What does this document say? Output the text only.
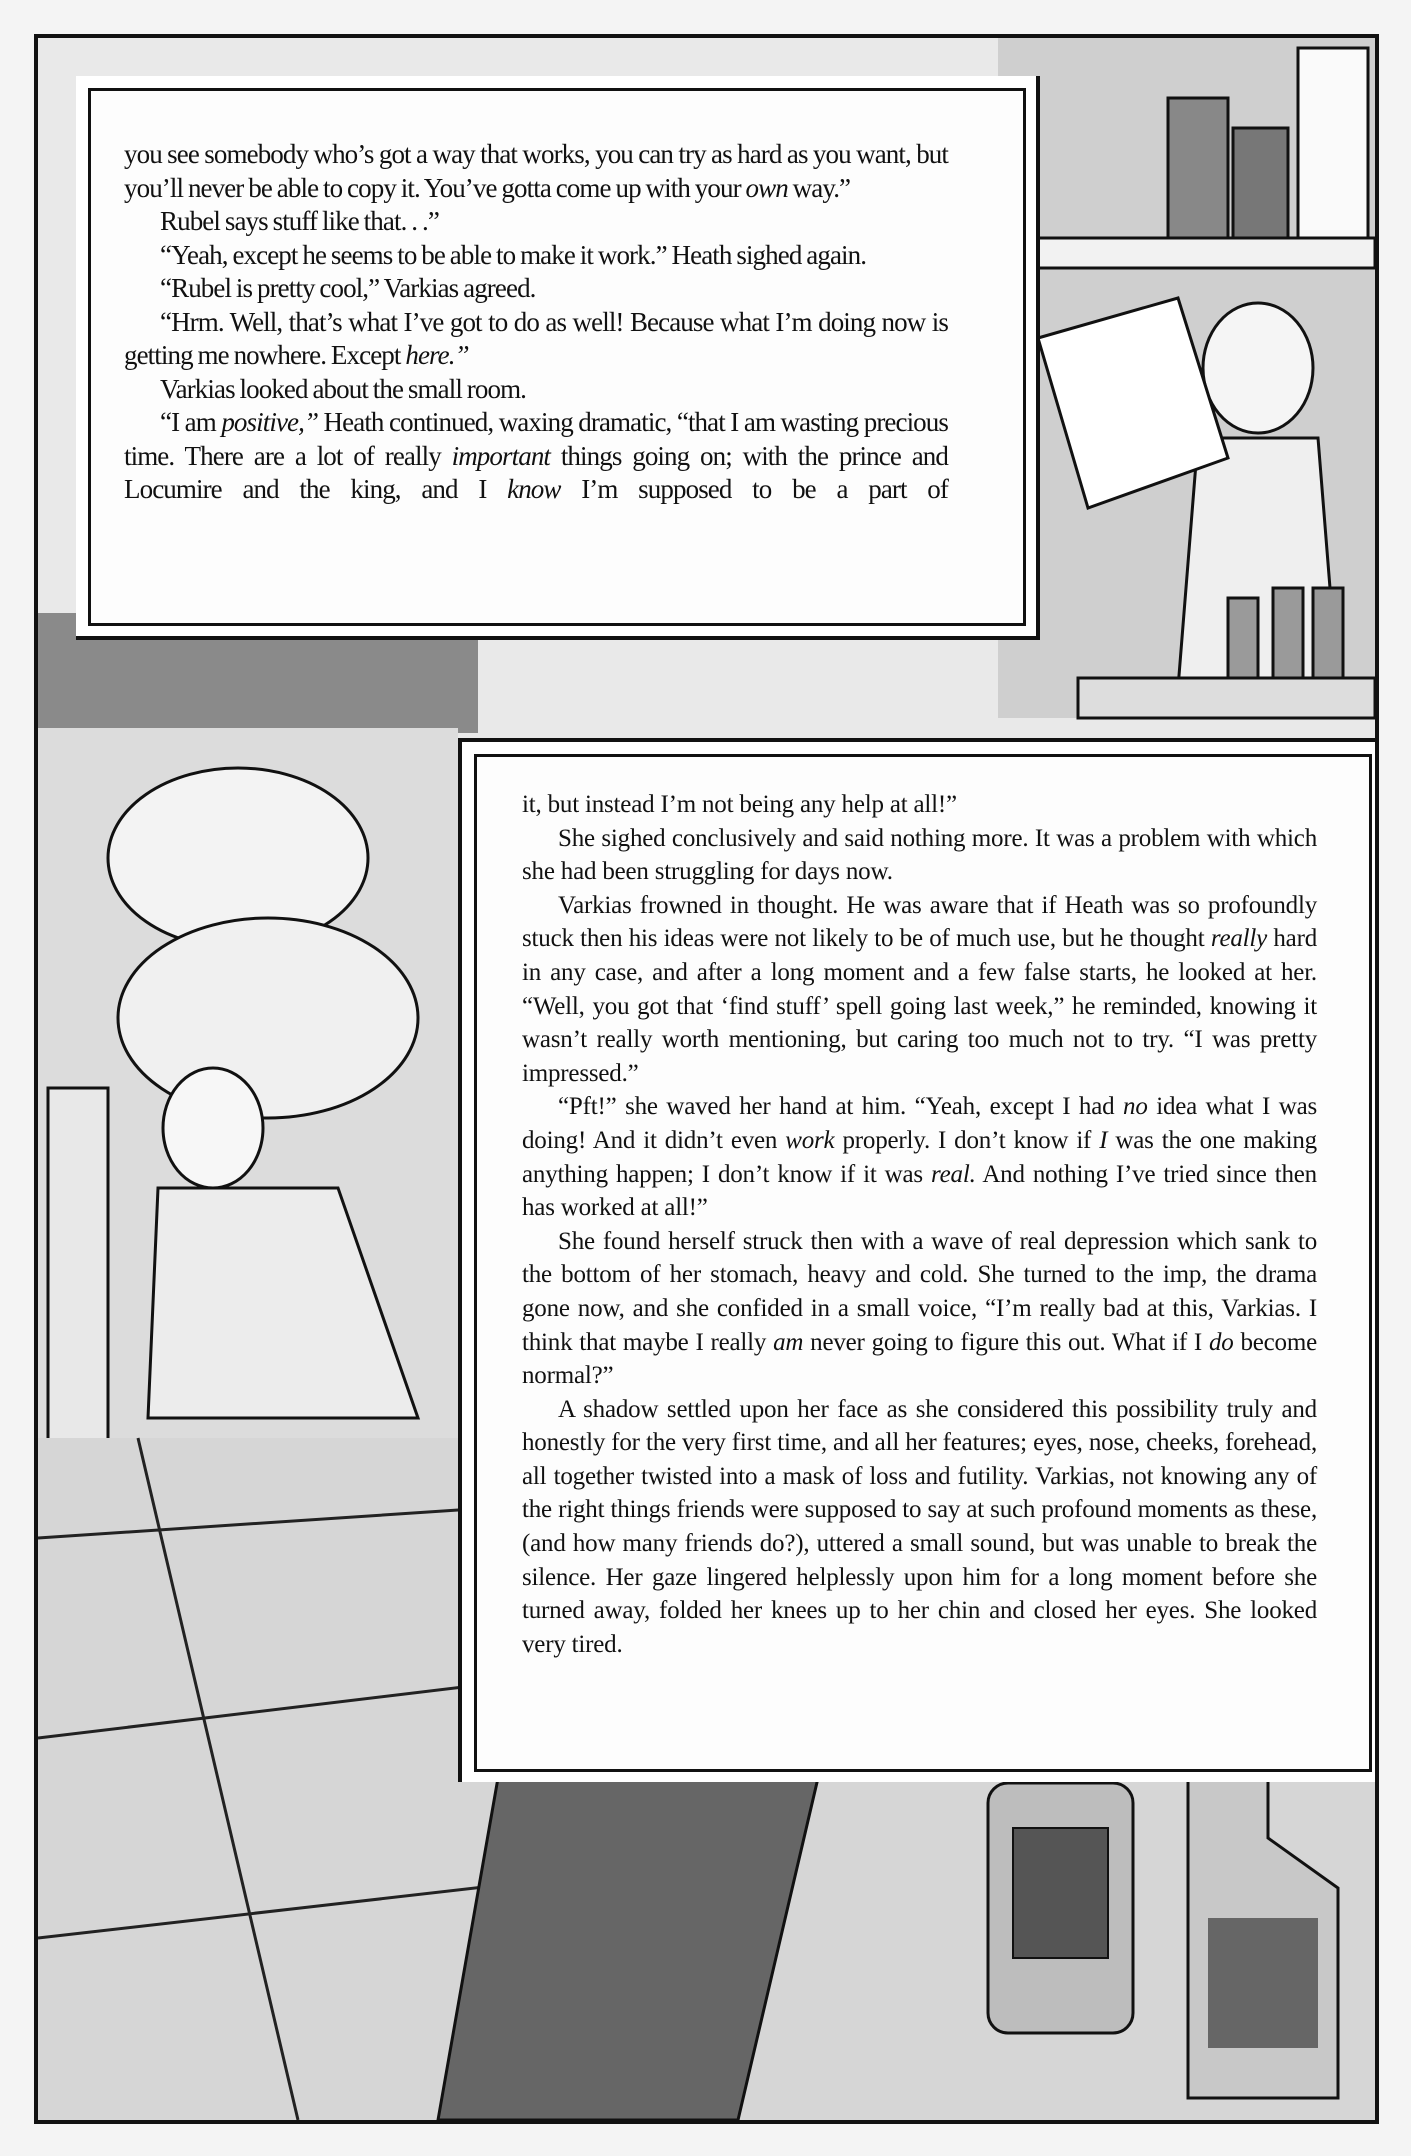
you see somebody who’s got a way that works, you can try as hard as you want, but you’ll never be able to copy it. You’ve gotta come up with your own way.”

Rubel says stuff like that. . .”

“Yeah, except he seems to be able to make it work.” Heath sighed again.

“Rubel is pretty cool,” Varkias agreed.

“Hrm. Well, that’s what I’ve got to do as well! Because what I’m doing now is getting me nowhere. Except here.”

Varkias looked about the small room.

“I am positive,” Heath continued, waxing dramatic, “that I am wasting precious time. There are a lot of really important things going on; with the prince and Locumire and the king, and I know I’m supposed to be a part of

it, but instead I’m not being any help at all!”

She sighed conclusively and said nothing more. It was a problem with which she had been struggling for days now.

Varkias frowned in thought. He was aware that if Heath was so profoundly stuck then his ideas were not likely to be of much use, but he thought really hard in any case, and after a long moment and a few false starts, he looked at her. “Well, you got that ‘find stuff’ spell going last week,” he reminded, knowing it wasn’t really worth mentioning, but caring too much not to try. “I was pretty impressed.”

“Pft!” she waved her hand at him. “Yeah, except I had no idea what I was doing! And it didn’t even work properly. I don’t know if I was the one making anything happen; I don’t know if it was real. And nothing I’ve tried since then has worked at all!”

She found herself struck then with a wave of real depression which sank to the bottom of her stomach, heavy and cold. She turned to the imp, the drama gone now, and she confided in a small voice, “I’m really bad at this, Varkias. I think that maybe I really am never going to figure this out. What if I do become normal?”

A shadow settled upon her face as she considered this possibility truly and honestly for the very first time, and all her features; eyes, nose, cheeks, forehead, all together twisted into a mask of loss and futility. Varkias, not knowing any of the right things friends were supposed to say at such profound moments as these, (and how many friends do?), uttered a small sound, but was unable to break the silence. Her gaze lingered helplessly upon him for a long moment before she turned away, folded her knees up to her chin and closed her eyes. She looked very tired.
